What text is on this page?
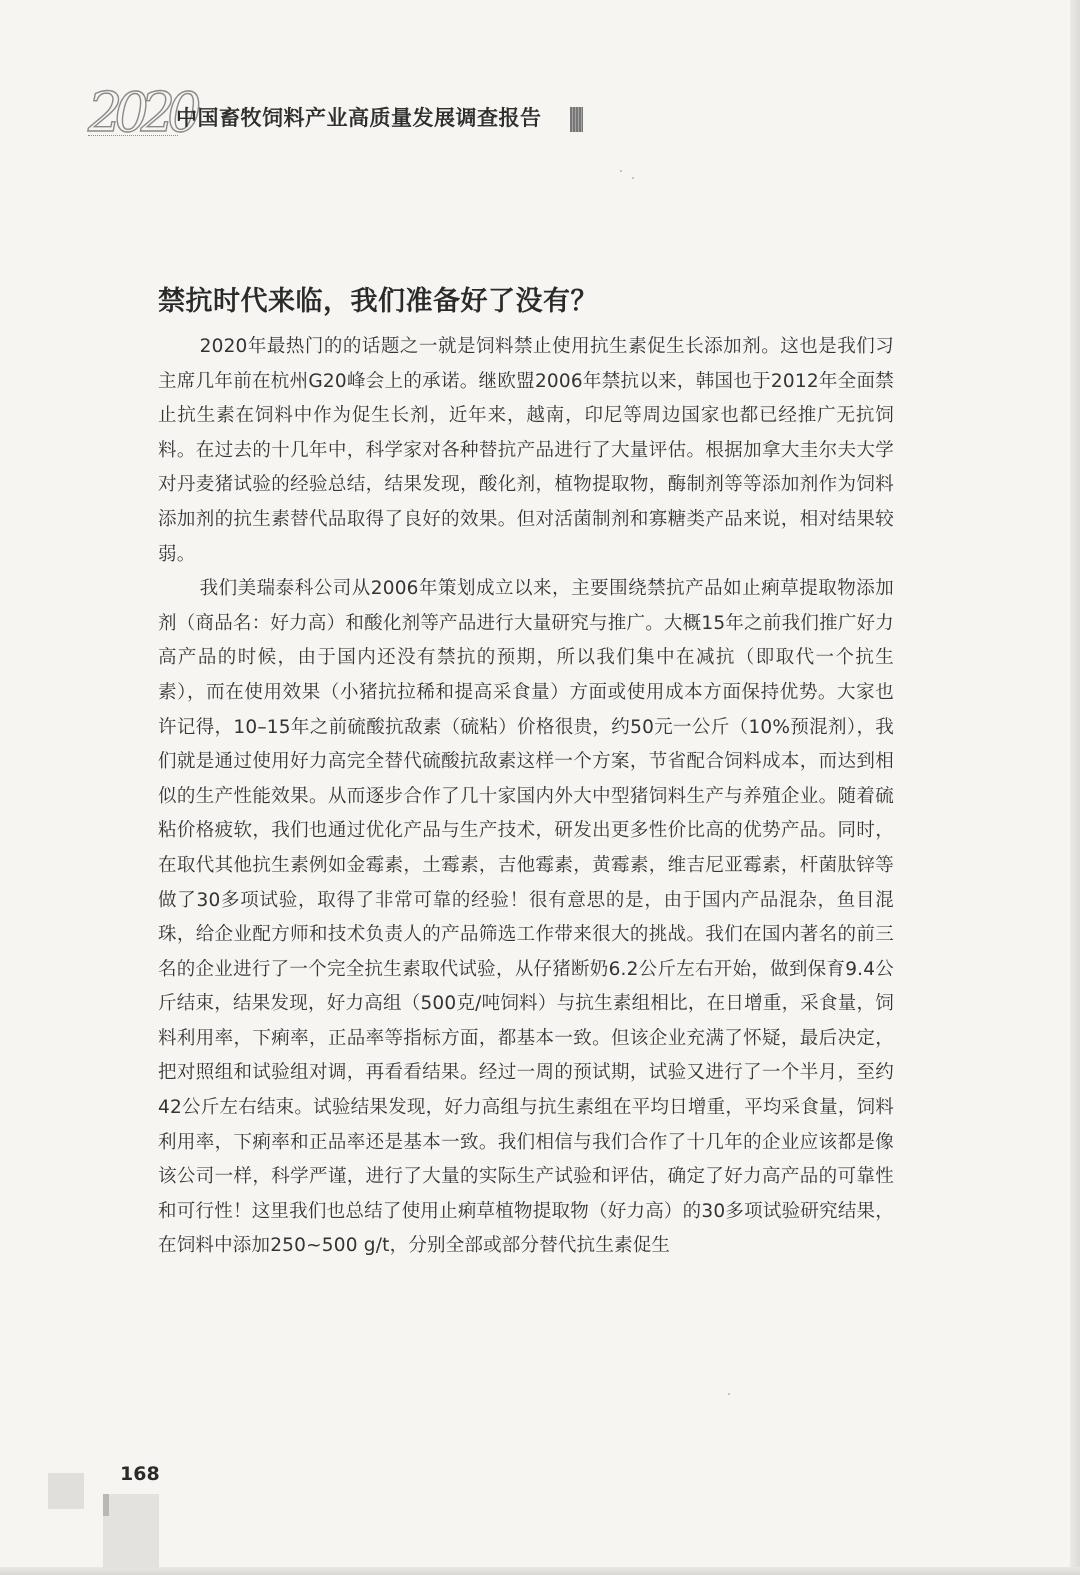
2020
中国畜牧饲料产业高质量发展调查报告
禁抗时代来临，我们准备好了没有？

2020年最热门的的话题之一就是饲料禁止使用抗生素促生长添加剂。这也是我们习主席几年前在杭州G20峰会上的承诺。继欧盟2006年禁抗以来，韩国也于2012年全面禁止抗生素在饲料中作为促生长剂，近年来，越南，印尼等周边国家也都已经推广无抗饲料。在过去的十几年中，科学家对各种替抗产品进行了大量评估。根据加拿大圭尔夫大学对丹麦猪试验的经验总结，结果发现，酸化剂，植物提取物，酶制剂等等添加剂作为饲料添加剂的抗生素替代品取得了良好的效果。但对活菌制剂和寡糖类产品来说，相对结果较弱。

我们美瑞泰科公司从2006年策划成立以来，主要围绕禁抗产品如止痢草提取物添加剂（商品名：好力高）和酸化剂等产品进行大量研究与推广。大概15年之前我们推广好力高产品的时候，由于国内还没有禁抗的预期，所以我们集中在减抗（即取代一个抗生素），而在使用效果（小猪抗拉稀和提高采食量）方面或使用成本方面保持优势。大家也许记得，10–15年之前硫酸抗敌素（硫粘）价格很贵，约50元一公斤（10%预混剂），我们就是通过使用好力高完全替代硫酸抗敌素这样一个方案，节省配合饲料成本，而达到相似的生产性能效果。从而逐步合作了几十家国内外大中型猪饲料生产与养殖企业。随着硫粘价格疲软，我们也通过优化产品与生产技术，研发出更多性价比高的优势产品。同时，在取代其他抗生素例如金霉素，土霉素，吉他霉素，黄霉素，维吉尼亚霉素，杆菌肽锌等做了30多项试验，取得了非常可靠的经验！很有意思的是，由于国内产品混杂，鱼目混珠，给企业配方师和技术负责人的产品筛选工作带来很大的挑战。我们在国内著名的前三名的企业进行了一个完全抗生素取代试验，从仔猪断奶6.2公斤左右开始，做到保育9.4公斤结束，结果发现，好力高组（500克/吨饲料）与抗生素组相比，在日增重，采食量，饲料利用率，下痢率，正品率等指标方面，都基本一致。但该企业充满了怀疑，最后决定，把对照组和试验组对调，再看看结果。经过一周的预试期，试验又进行了一个半月，至约42公斤左右结束。试验结果发现，好力高组与抗生素组在平均日增重，平均采食量，饲料利用率，下痢率和正品率还是基本一致。我们相信与我们合作了十几年的企业应该都是像该公司一样，科学严谨，进行了大量的实际生产试验和评估，确定了好力高产品的可靠性和可行性！这里我们也总结了使用止痢草植物提取物（好力高）的30多项试验研究结果，在饲料中添加250~500 g/t，分别全部或部分替代抗生素促生

168
